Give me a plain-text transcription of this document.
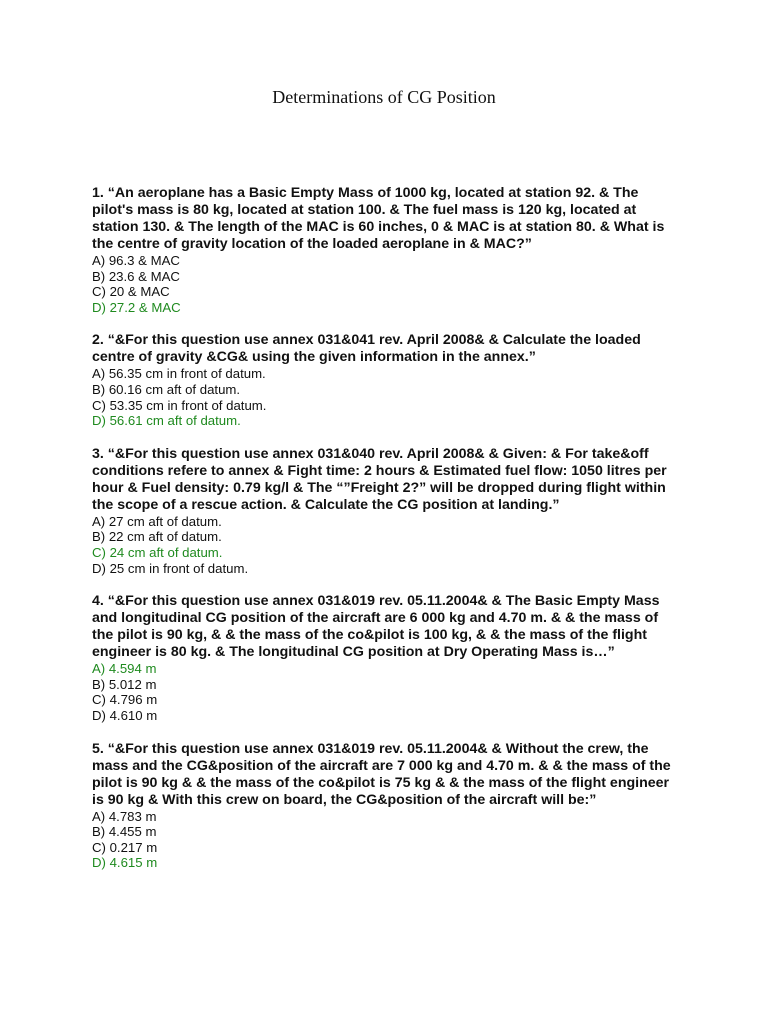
Determinations of CG Position

1. “An aeroplane has a Basic Empty Mass of 1000 kg, located at station 92. & The pilot's mass is 80 kg, located at station 100. & The fuel mass is 120 kg, located at station 130. & The length of the MAC is 60 inches, 0 & MAC is at station 80. & What is the centre of gravity location of the loaded aeroplane in & MAC?”

A) 96.3 & MAC
B) 23.6 & MAC
C) 20 & MAC
D) 27.2 & MAC

2. “&For this question use annex 031&041 rev. April 2008& & Calculate the loaded centre of gravity &CG& using the given information in the annex.”

A) 56.35 cm in front of datum.
B) 60.16 cm aft of datum.
C) 53.35 cm in front of datum.
D) 56.61 cm aft of datum.

3. “&For this question use annex 031&040 rev. April 2008& & Given: & For take&off conditions refere to annex & Fight time: 2 hours & Estimated fuel flow: 1050 litres per hour & Fuel density: 0.79 kg/l & The “”Freight 2?” will be dropped during flight within the scope of a rescue action. & Calculate the CG position at landing.”

A) 27 cm aft of datum.
B) 22 cm aft of datum.
C) 24 cm aft of datum.
D) 25 cm in front of datum.

4. “&For this question use annex 031&019 rev. 05.11.2004& & The Basic Empty Mass and longitudinal CG position of the aircraft are 6 000 kg and 4.70 m. & & the mass of the pilot is 90 kg, & & the mass of the co&pilot is 100 kg, & & the mass of the flight engineer is 80 kg. & The longitudinal CG position at Dry Operating Mass is…”

A) 4.594 m
B) 5.012 m
C) 4.796 m
D) 4.610 m

5. “&For this question use annex 031&019 rev. 05.11.2004& & Without the crew, the mass and the CG&position of the aircraft are 7 000 kg and 4.70 m. & & the mass of the pilot is 90 kg & & the mass of the co&pilot is 75 kg & & the mass of the flight engineer is 90 kg & With this crew on board, the CG&position of the aircraft will be:”

A) 4.783 m
B) 4.455 m
C) 0.217 m
D) 4.615 m
